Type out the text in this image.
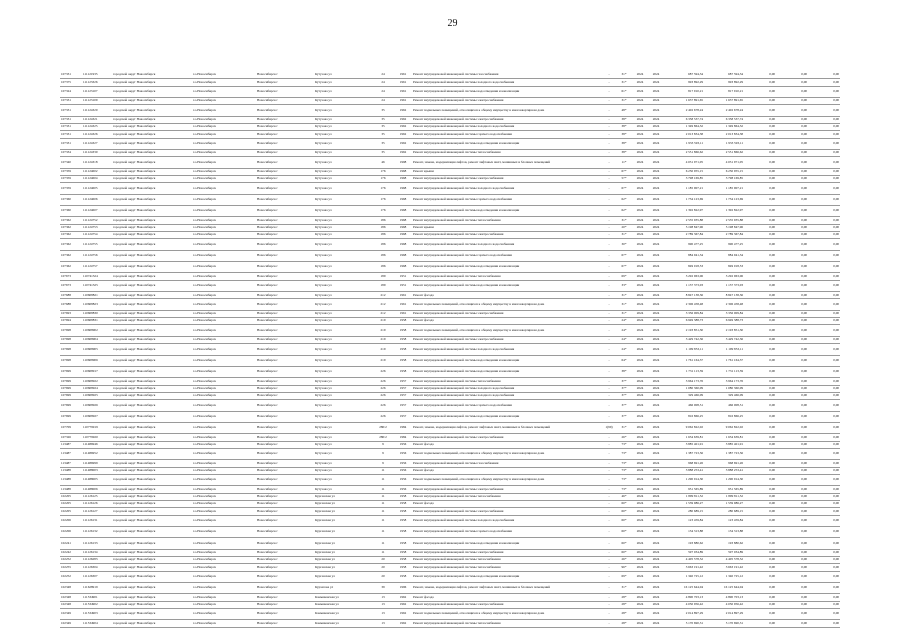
29
107331	111121935	городской округ Новосибирск	г.о.Новосибирск	Новосибирск г	Кутузова ул	24	1961	Ремонт внутридомовой инженерной системы газоснабжения	-	31*	2024	2024	687 594,34	687 594,34	0,00	0,00	0,00
107375	111123326	городской округ Новосибирск	г.о.Новосибирск	Новосибирск г	Кутузова ул	24	1961	Ремонт внутридомовой инженерной системы холодного водоснабжения	-	31*	2024	2024	993 892,29	993 892,29	0,00	0,00	0,00
107324	111123107	городской округ Новосибирск	г.о.Новосибирск	Новосибирск г	Кутузова ул	24	1961	Ремонт внутридомовой инженерной системы водоотведения и канализации	-	61*	2024	2024	817 910,21	817 910,21	0,00	0,00	0,00
107331	111123109	городской округ Новосибирск	г.о.Новосибирск	Новосибирск г	Кутузова ул	24	1961	Ремонт внутридомовой инженерной системы электроснабжения	-	31*	2024	2024	1 637 891,65	1 637 891,65	0,00	0,00	0,00
107331	111124320	городской округ Новосибирск	г.о.Новосибирск	Новосибирск г	Кутузова ул	35	1962	Ремонт подвальных помещений, относящихся к общему имуществу в многоквартирном доме	-	48*	2024	2024	2 402 678,24	2 402 678,24	0,00	0,00	0,00
107331	111124321	городской округ Новосибирск	г.о.Новосибирск	Новосибирск г	Кутузова ул	35	1962	Ремонт внутридомовой инженерной системы электроснабжения	-	38*	2024	2024	6 358 537,74	6 358 537,74	0,00	0,00	0,00
107331	111124325	городской округ Новосибирск	г.о.Новосибирск	Новосибирск г	Кутузова ул	35	1962	Ремонт внутридомовой инженерной системы холодного водоснабжения	-	38*	2024	2024	1 349 864,32	1 349 864,32	0,00	0,00	0,00
107331	111124326	городской округ Новосибирск	г.о.Новосибирск	Новосибирск г	Кутузова ул	35	1962	Ремонт внутридомовой инженерной системы горячего водоснабжения	-	38*	2024	2024	2 013 834,38	2 013 834,38	0,00	0,00	0,00
107331	111124327	городской округ Новосибирск	г.о.Новосибирск	Новосибирск г	Кутузова ул	35	1962	Ремонт внутридомовой инженерной системы водоотведения и канализации	-	38*	2024	2024	1 933 593,11	1 933 593,11	0,00	0,00	0,00
107334	111124330	городской округ Новосибирск	г.о.Новосибирск	Новосибирск г	Кутузова ул	35	1962	Ремонт внутридомовой инженерной системы теплоснабжения	-	38*	2024	2024	2 551 866,62	2 551 866,62	0,00	0,00	0,00
107340	111124318	городской округ Новосибирск	г.о.Новосибирск	Новосибирск г	Кутузова ул	46	1998	Ремонт, замена, модернизация лифтов, ремонт лифтовых шахт, машинных и блочных помещений	-	11*	2024	2024	4 031 971,05	4 031 971,05	0,00	0,00	0,00
107359	111124602	городской округ Новосибирск	г.о.Новосибирск	Новосибирск г	Кутузова ул	176	1968	Ремонт крыши	-	67*	2024	2024	6 250 955,15	6 250 955,15	0,00	0,00	0,00
107359	111124604	городской округ Новосибирск	г.о.Новосибирск	Новосибирск г	Кутузова ул	176	1968	Ремонт внутридомовой инженерной системы электроснабжения	-	57*	2024	2024	3 798 169,85	3 798 169,85	0,00	0,00	0,00
107359	111124605	городской округ Новосибирск	г.о.Новосибирск	Новосибирск г	Кутузова ул	176	1968	Ремонт внутридомовой инженерной системы холодного водоснабжения	-	67*	2024	2024	1 185 907,21	1 185 907,21	0,00	0,00	0,00
107360	111124606	городской округ Новосибирск	г.о.Новосибирск	Новосибирск г	Кутузова ул	176	1968	Ремонт внутридомовой инженерной системы горячего водоснабжения	-	62*	2024	2024	1 734 123,69	1 734 123,69	0,00	0,00	0,00
107360	111124607	городской округ Новосибирск	г.о.Новосибирск	Новосибирск г	Кутузова ул	176	1968	Ремонт внутридомовой инженерной системы водоотведения и канализации	-	62*	2024	2024	1 392 822,97	1 392 822,97	0,00	0,00	0,00
107362	111124752	городской округ Новосибирск	г.о.Новосибирск	Новосибирск г	Кутузова ул	186	1968	Ремонт внутридомовой инженерной системы теплоснабжения	-	31*	2024	2024	2 535 935,88	2 535 935,88	0,00	0,00	0,00
107362	111124753	городской округ Новосибирск	г.о.Новосибирск	Новосибирск г	Кутузова ул	186	1968	Ремонт крыши	-	20*	2024	2024	5 198 847,96	5 198 847,96	0,00	0,00	0,00
107362	111124754	городской округ Новосибирск	г.о.Новосибирск	Новосибирск г	Кутузова ул	186	1968	Ремонт внутридомовой инженерной системы электроснабжения	-	31*	2024	2024	2 789 367,84	2 789 367,84	0,00	0,00	0,00
107362	111124755	городской округ Новосибирск	г.о.Новосибирск	Новосибирск г	Кутузова ул	186	1968	Ремонт внутридомовой инженерной системы холодного водоснабжения	-	30*	2024	2024	990 477,25	990 477,25	0,00	0,00	0,00
107362	111124756	городской округ Новосибирск	г.о.Новосибирск	Новосибирск г	Кутузова ул	186	1968	Ремонт внутридомовой инженерной системы горячего водоснабжения	-	67*	2024	2024	884 941,34	884 941,34	0,00	0,00	0,00
107362	111124757	городской округ Новосибирск	г.о.Новосибирск	Новосибирск г	Кутузова ул	186	1968	Ремонт внутридомовой инженерной системы водоотведения и канализации	-	67*	2024	2024	849 018,53	849 018,53	0,00	0,00	0,00
107673	110741324	городской округ Новосибирск	г.о.Новосибирск	Новосибирск г	Кутузова ул	189	1951	Ремонт внутридомовой инженерной системы теплоснабжения	-	69*	2024	2024	3 292 963,06	3 292 963,06	0,00	0,00	0,00
107673	110741325	городской округ Новосибирск	г.о.Новосибирск	Новосибирск г	Кутузова ул	189	1951	Ремонт внутридомовой инженерной системы водоотведения и канализации	-	33*	2024	2024	1 137 373,03	1 137 373,03	0,00	0,00	0,00
107688	110608821	городской округ Новосибирск	г.о.Новосибирск	Новосибирск г	Кутузова ул	212	1961	Ремонт фасада	-	31*	2024	2024	8 847 138,36	8 847 138,36	0,00	0,00	0,00
107688	110608823	городской округ Новосибирск	г.о.Новосибирск	Новосибирск г	Кутузова ул	212	1961	Ремонт подвальных помещений, относящихся к общему имуществу в многоквартирном доме	-	31*	2024	2024	2 306 458,48	2 306 458,48	0,00	0,00	0,00
107693	110608830	городской округ Новосибирск	г.о.Новосибирск	Новосибирск г	Кутузова ул	212	1961	Ремонт внутридомовой инженерной системы электроснабжения	-	31*	2024	2024	3 356 009,84	3 356 009,84	0,00	0,00	0,00
107694	110608831	городской округ Новосибирск	г.о.Новосибирск	Новосибирск г	Кутузова ул	219	1958	Ремонт фасада	-	24*	2024	2024	6 949 388,73	6 949 388,73	0,00	0,00	0,00
107698	110608902	городской округ Новосибирск	г.о.Новосибирск	Новосибирск г	Кутузова ул	219	1958	Ремонт подвальных помещений, относящихся к общему имуществу в многоквартирном доме	-	24*	2024	2024	2 193 851,30	2 193 851,30	0,00	0,00	0,00
107698	110608904	городской округ Новосибирск	г.о.Новосибирск	Новосибирск г	Кутузова ул	219	1958	Ремонт внутридомовой инженерной системы электроснабжения	-	24*	2024	2024	3 429 742,36	3 429 742,36	0,00	0,00	0,00
107698	110608905	городской округ Новосибирск	г.о.Новосибирск	Новосибирск г	Кутузова ул	219	1958	Ремонт внутридомовой инженерной системы холодного водоснабжения	-	24*	2024	2024	1 199 853,11	1 199 853,11	0,00	0,00	0,00
107698	110608906	городской округ Новосибирск	г.о.Новосибирск	Новосибирск г	Кутузова ул	219	1958	Ремонт внутридомовой инженерной системы водоотведения и канализации	-	64*	2024	2024	1 761 164,37	1 761 164,37	0,00	0,00	0,00
107699	110608917	городской округ Новосибирск	г.о.Новосибирск	Новосибирск г	Кутузова ул	226	1958	Ремонт внутридомовой инженерной системы водоотведения и канализации	-	38*	2024	2024	1 731 113,59	1 731 113,59	0,00	0,00	0,00
107699	110608922	городской округ Новосибирск	г.о.Новосибирск	Новосибирск г	Кутузова ул	226	1957	Ремонт внутридомовой инженерной системы теплоснабжения	-	37*	2024	2024	3 964 173,76	3 964 173,76	0,00	0,00	0,00
107699	110608924	городской округ Новосибирск	г.о.Новосибирск	Новосибирск г	Кутузова ул	226	1957	Ремонт внутридомовой инженерной системы холодного водоснабжения	-	37*	2024	2024	1 080 360,09	1 080 360,09	0,00	0,00	0,00
107699	110608925	городской округ Новосибирск	г.о.Новосибирск	Новосибирск г	Кутузова ул	226	1957	Ремонт внутридомовой инженерной системы холодного водоснабжения	-	37*	2024	2024	329 466,09	329 466,09	0,00	0,00	0,00
107699	110608926	городской округ Новосибирск	г.о.Новосибирск	Новосибирск г	Кутузова ул	226	1957	Ремонт внутридомовой инженерной системы горячего водоснабжения	-	37*	2024	2024	466 008,51	466 008,51	0,00	0,00	0,00
107699	110608927	городской округ Новосибирск	г.о.Новосибирск	Новосибирск г	Кутузова ул	226	1957	Ремонт внутридомовой инженерной системы водоотведения и канализации	-	37*	2024	2024	816 866,25	816 866,25	0,00	0,00	0,00
107709	110779919	городской округ Новосибирск	г.о.Новосибирск	Новосибирск г	Кутузова ул	280/2	1984	Ремонт, замена, модернизация лифтов, ремонт лифтовых шахт, машинных и блочных помещений	1(99)	31*	2024	2024	9 062 822,02	9 062 822,02	0,00	0,00	0,00
107326	110779920	городской округ Новосибирск	г.о.Новосибирск	Новосибирск г	Кутузова ул	280/2	1984	Ремонт внутридомовой инженерной системы электроснабжения	-	26*	2024	2024	1 634 639,81	1 634 639,81	0,00	0,00	0,00
113487	111486946	городской округ Новосибирск	г.о.Новосибирск	Новосибирск г	Кутузова ул	9	1956	Ремонт фасада	-	73*	2024	2024	3 885 401,91	3 885 401,91	0,00	0,00	0,00
113487	111486952	городской округ Новосибирск	г.о.Новосибирск	Новосибирск г	Кутузова ул	9	1956	Ремонт подвальных помещений, относящихся к общему имуществу в многоквартирном доме	-	73*	2024	2024	1 387 723,56	1 387 723,56	0,00	0,00	0,00
113487	111486999	городской округ Новосибирск	г.о.Новосибирск	Новосибирск г	Кутузова ул	9	1956	Ремонт внутридомовой инженерной системы газоснабжения	-	73*	2024	2024	968 691,26	968 691,26	0,00	0,00	0,00
113488	111488003	городской округ Новосибирск	г.о.Новосибирск	Новосибирск г	Кутузова ул	11	1956	Ремонт фасада	-	73*	2024	2024	3 888 253,41	3 888 253,41	0,00	0,00	0,00
113488	111488005	городской округ Новосибирск	г.о.Новосибирск	Новосибирск г	Кутузова ул	11	1956	Ремонт подвальных помещений, относящихся к общему имуществу в многоквартирном доме	-	73*	2024	2024	1 290 914,30	1 290 914,30	0,00	0,00	0,00
113488	111488006	городской округ Новосибирск	г.о.Новосибирск	Новосибирск г	Кутузова ул	11	1956	Ремонт внутридомовой инженерной системы электроснабжения	-	73*	2024	2024	951 565,89	951 565,89	0,00	0,00	0,00
102205	111126125	городской округ Новосибирск	г.о.Новосибирск	Новосибирск г	Курганская ул	11	1958	Ремонт внутридомовой инженерной системы теплоснабжения	-	46*	2024	2024	1 899 811,52	1 899 811,52	0,00	0,00	0,00
102205	111126126	городской округ Новосибирск	г.о.Новосибирск	Новосибирск г	Курганская ул	11	1958	Ремонт фасада	-	60*	2024	2024	1 539 986,27	1 539 986,27	0,00	0,00	0,00
102205	111126127	городской округ Новосибирск	г.о.Новосибирск	Новосибирск г	Курганская ул	11	1958	Ремонт внутридомовой инженерной системы электроснабжения	-	60*	2024	2024	280 689,15	280 689,15	0,00	0,00	0,00
102206	111126131	городской округ Новосибирск	г.о.Новосибирск	Новосибирск г	Курганская ул	11	1958	Ремонт внутридомовой инженерной системы холодного водоснабжения	-	60*	2024	2024	123 459,84	123 459,84	0,00	0,00	0,00
102206	111126132	городской округ Новосибирск	г.о.Новосибирск	Новосибирск г	Курганская ул	11	1958	Ремонт внутридомовой инженерной системы горячего водоснабжения	-	60*	2024	2024	134 313,88	134 313,88	0,00	0,00	0,00
102241	111126133	городской округ Новосибирск	г.о.Новосибирск	Новосибирск г	Курганская ул	11	1958	Ремонт внутридомовой инженерной системы водоотведения и канализации	-	60*	2024	2024	193 880,62	193 880,62	0,00	0,00	0,00
102242	111126134	городской округ Новосибирск	г.о.Новосибирск	Новосибирск г	Курганская ул	11	1958	Ремонт внутридомовой инженерной системы электроснабжения	-	60*	2024	2024	597 034,89	597 034,89	0,00	0,00	0,00
102252	111126283	городской округ Новосибирск	г.о.Новосибирск	Новосибирск г	Курганская ул	20	1958	Ремонт внутридомовой инженерной системы теплоснабжения	-	26*	2024	2024	4 405 578,52	4 405 578,52	0,00	0,00	0,00
102255	111126304	городской округ Новосибирск	г.о.Новосибирск	Новосибирск г	Курганская ул	20	1958	Ремонт внутридомовой инженерной системы теплоснабжения	-	96*	2024	2024	3 663 191,42	3 663 191,42	0,00	0,00	0,00
102252	111126307	городской округ Новосибирск	г.о.Новосибирск	Новосибирск г	Курганская ул	20	1958	Ремонт внутридомовой инженерной системы водоотведения и канализации	-	69*	2024	2024	1 340 725,12	1 340 725,12	0,00	0,00	0,00
102348	111628919	городской округ Новосибирск	г.о.Новосибирск	Новосибирск г	Курчатова ул	39	1996	Ремонт, замена, модернизация лифтов, ремонт лифтовых шахт, машинных и блочных помещений	-	31*	2024	2024	16 125 644,04	16 125 644,04	0,00	0,00	0,00
102348	111534901	городской округ Новосибирск	г.о.Новосибирск	Новосибирск г	Камышенская ул	13	1962	Ремонт фасада	-	28*	2024	2024	4 890 703,13	4 890 703,13	0,00	0,00	0,00
102348	111534902	городской округ Новосибирск	г.о.Новосибирск	Новосибирск г	Камышенская ул	13	1962	Ремонт внутридомовой инженерной системы электроснабжения	-	28*	2024	2024	4 050 956,42	4 050 956,42	0,00	0,00	0,00
102349	111534903	городской округ Новосибирск	г.о.Новосибирск	Новосибирск г	Камышенская ул	13	1962	Ремонт подвальных помещений, относящихся к общему имуществу в многоквартирном доме	-	28*	2024	2024	2 014 897,29	2 014 897,29	0,00	0,00	0,00
102349	111534904	городской округ Новосибирск	г.о.Новосибирск	Новосибирск г	Камышенская ул	13	1962	Ремонт внутридомовой инженерной системы теплоснабжения	-	28*	2024	2024	5 170 690,31	5 170 690,31	0,00	0,00	0,00
